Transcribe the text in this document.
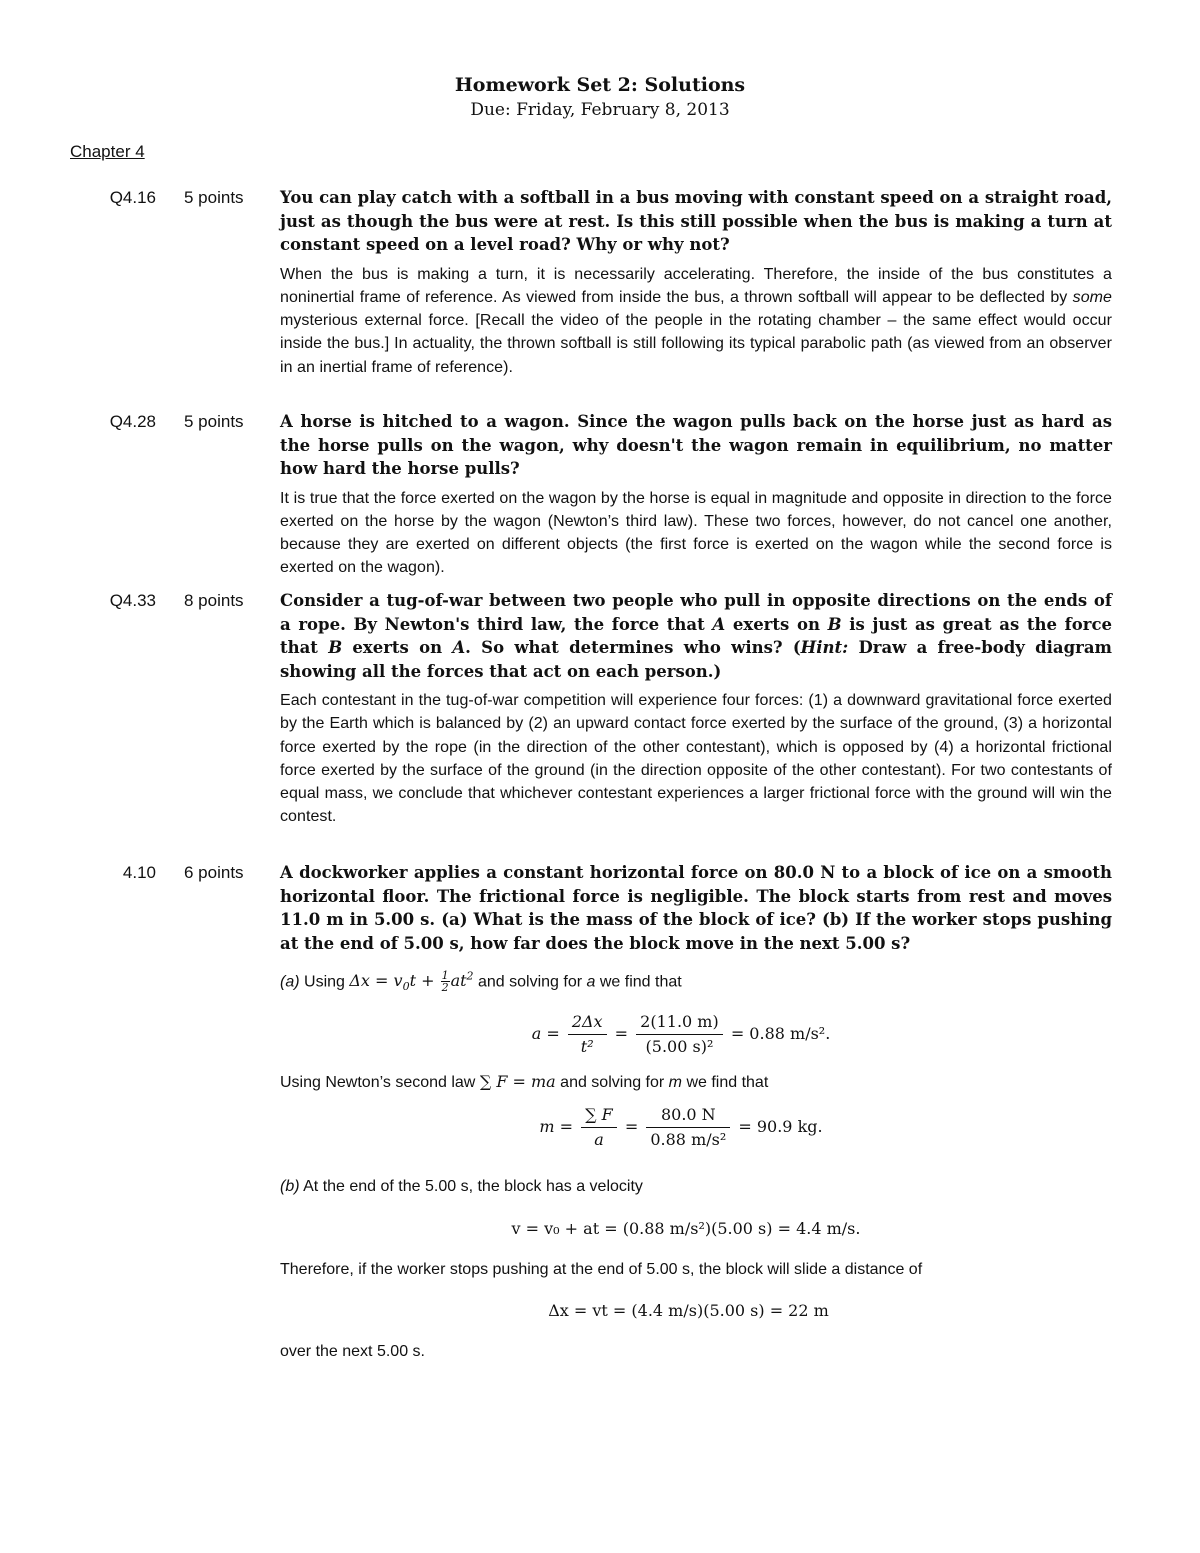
Homework Set 2: Solutions
Due: Friday, February 8, 2013
Chapter 4
Q4.16 5 points	You can play catch with a softball in a bus moving with constant speed on a straight road, just as though the bus were at rest. Is this still possible when the bus is making a turn at constant speed on a level road? Why or why not?

When the bus is making a turn, it is necessarily accelerating. Therefore, the inside of the bus constitutes a noninertial frame of reference. As viewed from inside the bus, a thrown softball will appear to be deflected by some mysterious external force. [Recall the video of the people in the rotating chamber – the same effect would occur inside the bus.] In actuality, the thrown softball is still following its typical parabolic path (as viewed from an observer in an inertial frame of reference).

Q4.28 5 points	A horse is hitched to a wagon. Since the wagon pulls back on the horse just as hard as the horse pulls on the wagon, why doesn't the wagon remain in equilibrium, no matter how hard the horse pulls?

It is true that the force exerted on the wagon by the horse is equal in magnitude and opposite in direction to the force exerted on the horse by the wagon (Newton’s third law). These two forces, however, do not cancel one another, because they are exerted on different objects (the first force is exerted on the wagon while the second force is exerted on the wagon).

Q4.33 8 points	Consider a tug-of-war between two people who pull in opposite directions on the ends of a rope. By Newton's third law, the force that A exerts on B is just as great as the force that B exerts on A. So what determines who wins? (Hint: Draw a free-body diagram showing all the forces that act on each person.)

Each contestant in the tug-of-war competition will experience four forces: (1) a downward gravitational force exerted by the Earth which is balanced by (2) an upward contact force exerted by the surface of the ground, (3) a horizontal force exerted by the rope (in the direction of the other contestant), which is opposed by (4) a horizontal frictional force exerted by the surface of the ground (in the direction opposite of the other contestant). For two contestants of equal mass, we conclude that whichever contestant experiences a larger frictional force with the ground will win the contest.

4.10 6 points	A dockworker applies a constant horizontal force on 80.0 N to a block of ice on a smooth horizontal floor. The frictional force is negligible. The block starts from rest and moves 11.0 m in 5.00 s. (a) What is the mass of the block of ice? (b) If the worker stops pushing at the end of 5.00 s, how far does the block move in the next 5.00 s?

(a) Using $\Delta x = v_0t + \frac{1}{2} at^2$ and solving for a we find that

$a = \frac{2\Delta x}{\text{t²}} = \frac{2(11.0 m)}{\text{(5.00 s)²}} = 0.88$ m/s².

Using Newton’s second law ∑ F = ma and solving for m we find that

$m = \frac{\sum F}{a} = \frac{80.0 N}{\text{0.88 m/s²}} = 90.9$ kg.

(b) At the end of the 5.00 s, the block has a velocity

v = v₀ + at = (0.88 m/s²)(5.00 s) = 4.4 m/s.

Therefore, if the worker stops pushing at the end of 5.00 s, the block will slide a distance of

Δx = vt = (4.4 m/s)(5.00 s) = 22 m

over the next 5.00 s.
